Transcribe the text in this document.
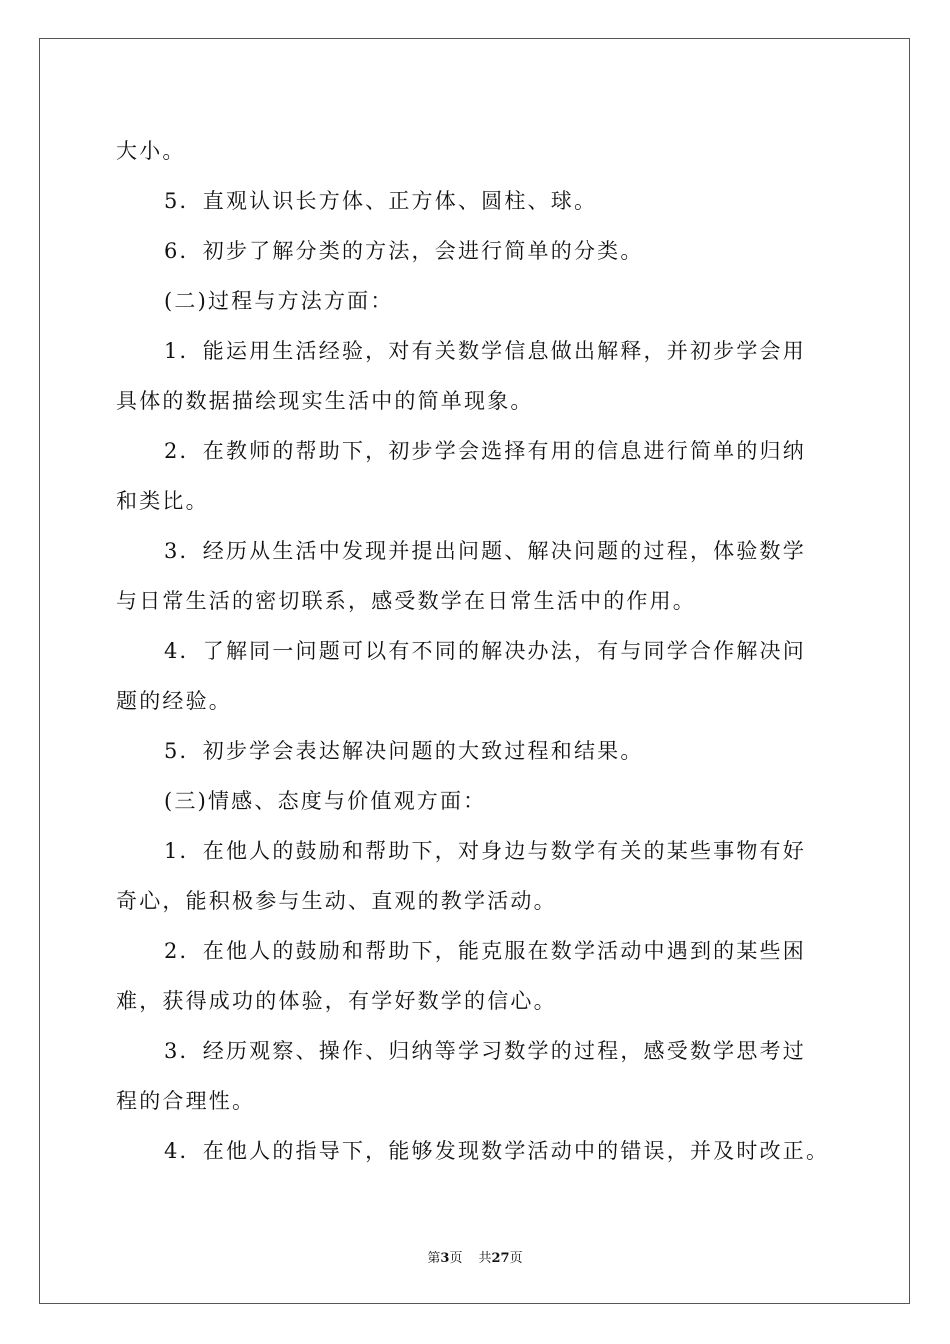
大小。
5．直观认识长方体、正方体、圆柱、球。
6．初步了解分类的方法，会进行简单的分类。
(二)过程与方法方面：
1．能运用生活经验，对有关数学信息做出解释，并初步学会用
具体的数据描绘现实生活中的简单现象。
2．在教师的帮助下，初步学会选择有用的信息进行简单的归纳
和类比。
3．经历从生活中发现并提出问题、解决问题的过程，体验数学
与日常生活的密切联系，感受数学在日常生活中的作用。
4．了解同一问题可以有不同的解决办法，有与同学合作解决问
题的经验。
5．初步学会表达解决问题的大致过程和结果。
(三)情感、态度与价值观方面：
1．在他人的鼓励和帮助下，对身边与数学有关的某些事物有好
奇心，能积极参与生动、直观的教学活动。
2．在他人的鼓励和帮助下，能克服在数学活动中遇到的某些困
难，获得成功的体验，有学好数学的信心。
3．经历观察、操作、归纳等学习数学的过程，感受数学思考过
程的合理性。
4．在他人的指导下，能够发现数学活动中的错误，并及时改正。
第3页 共27页
